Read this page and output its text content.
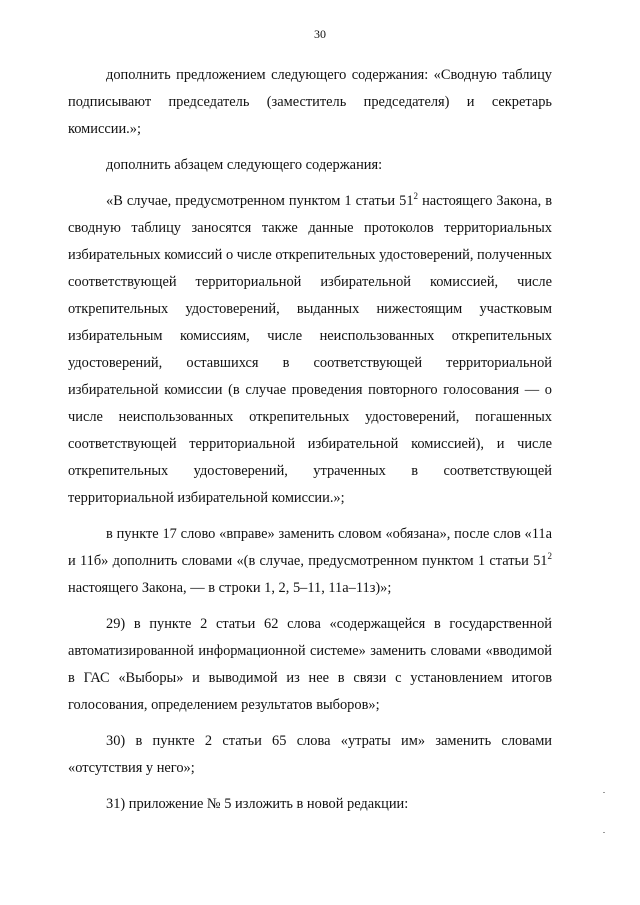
30

дополнить предложением следующего содержания: «Сводную таблицу подписывают председатель (заместитель председателя) и секретарь комиссии.»;

дополнить абзацем следующего содержания:

«В случае, предусмотренном пунктом 1 статьи $51^2$ настоящего Закона, в сводную таблицу заносятся также данные протоколов территориальных избирательных комиссий о числе открепительных удостоверений, полученных соответствующей территориальной избирательной комиссией, числе открепительных удостоверений, выданных нижестоящим участковым избирательным комиссиям, числе неиспользованных открепительных удостоверений, оставшихся в соответствующей территориальной избирательной комиссии (в случае проведения повторного голосования — о числе неиспользованных открепительных удостоверений, погашенных соответствующей территориальной избирательной комиссией), и числе открепительных удостоверений, утраченных в соответствующей территориальной избирательной комиссии.»;

в пункте 17 слово «вправе» заменить словом «обязана», после слов «11а и 11б» дополнить словами «(в случае, предусмотренном пунктом 1 статьи $51^2$ настоящего Закона, — в строки 1, 2, 5–11, 11а–11з)»;

29) в пункте 2 статьи 62 слова «содержащейся в государственной автоматизированной информационной системе» заменить словами «вводимой в ГАС «Выборы» и выводимой из нее в связи с установлением итогов голосования, определением результатов выборов»;

30) в пункте 2 статьи 65 слова «утраты им» заменить словами «отсутствия у него»;

31) приложение № 5 изложить в новой редакции:
